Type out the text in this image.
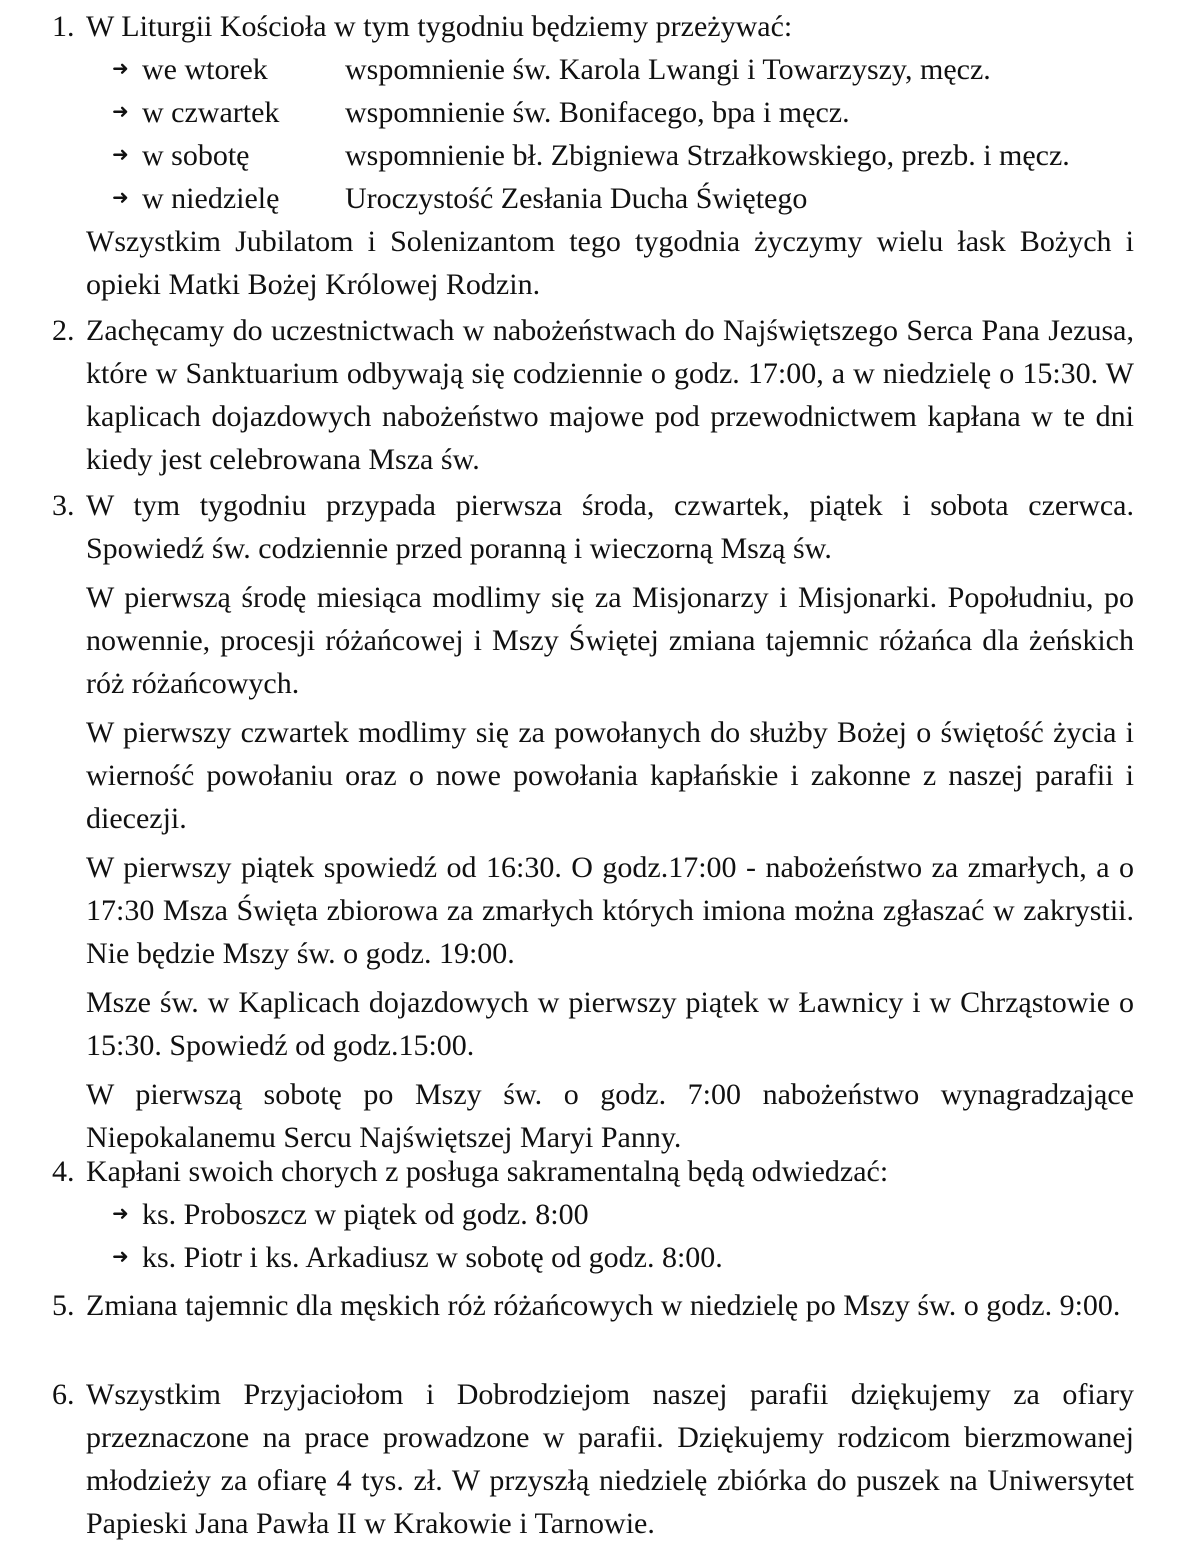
1. W Liturgii Kościoła w tym tygodniu będziemy przeżywać:

➜ we wtorek	wspomnienie św. Karola Lwangi i Towarzyszy, męcz.
➜ w czwartek wspomnienie św. Bonifacego, bpa i męcz.
➜ w sobotę	wspomnienie bł. Zbigniewa Strzałkowskiego, prezb. i męcz.
➜ w niedzielę Uroczystość Zesłania Ducha Świętego

Wszystkim Jubilatom i Solenizantom tego tygodnia życzymy wielu łask Bożych i opieki Matki Bożej Królowej Rodzin.

2. Zachęcamy do uczestnictwach w nabożeństwach do Najświętszego Serca Pana Jezusa, które w Sanktuarium odbywają się codziennie o godz. 17:00, a w niedzielę o 15:30. W kaplicach dojazdowych nabożeństwo majowe pod przewodnictwem kapłana w te dni kiedy jest celebrowana Msza św.

3. W tym tygodniu przypada pierwsza środa, czwartek, piątek i sobota czerwca. Spowiedź św. codziennie przed poranną i wieczorną Mszą św.

W pierwszą środę miesiąca modlimy się za Misjonarzy i Misjonarki. Popołudniu, po nowennie, procesji różańcowej i Mszy Świętej zmiana tajemnic różańca dla żeńskich róż różańcowych.

W pierwszy czwartek modlimy się za powołanych do służby Bożej o świętość życia i wierność powołaniu oraz o nowe powołania kapłańskie i zakonne z naszej parafii i diecezji.

W pierwszy piątek spowiedź od 16:30. O godz.17:00 - nabożeństwo za zmarłych, a o 17:30 Msza Święta zbiorowa za zmarłych których imiona można zgłaszać w zakrystii. Nie będzie Mszy św. o godz. 19:00.

Msze św. w Kaplicach dojazdowych w pierwszy piątek w Ławnicy i w Chrząstowie o 15:30. Spowiedź od godz.15:00.

W pierwszą sobotę po Mszy św. o godz. 7:00 nabożeństwo wynagradzające Niepokalanemu Sercu Najświętszej Maryi Panny.

4. Kapłani swoich chorych z posługa sakramentalną będą odwiedzać:

➜ ks. Proboszcz w piątek od godz. 8:00
➜ ks. Piotr i ks. Arkadiusz w sobotę od godz. 8:00.
5. Zmiana tajemnic dla męskich róż różańcowych w niedzielę po Mszy św. o godz. 9:00.

6. Wszystkim Przyjaciołom i Dobrodziejom naszej parafii dziękujemy za ofiary przeznaczone na prace prowadzone w parafii. Dziękujemy rodzicom bierzmowanej młodzieży za ofiarę 4 tys. zł. W przyszłą niedzielę zbiórka do puszek na Uniwersytet Papieski Jana Pawła II w Krakowie i Tarnowie.
